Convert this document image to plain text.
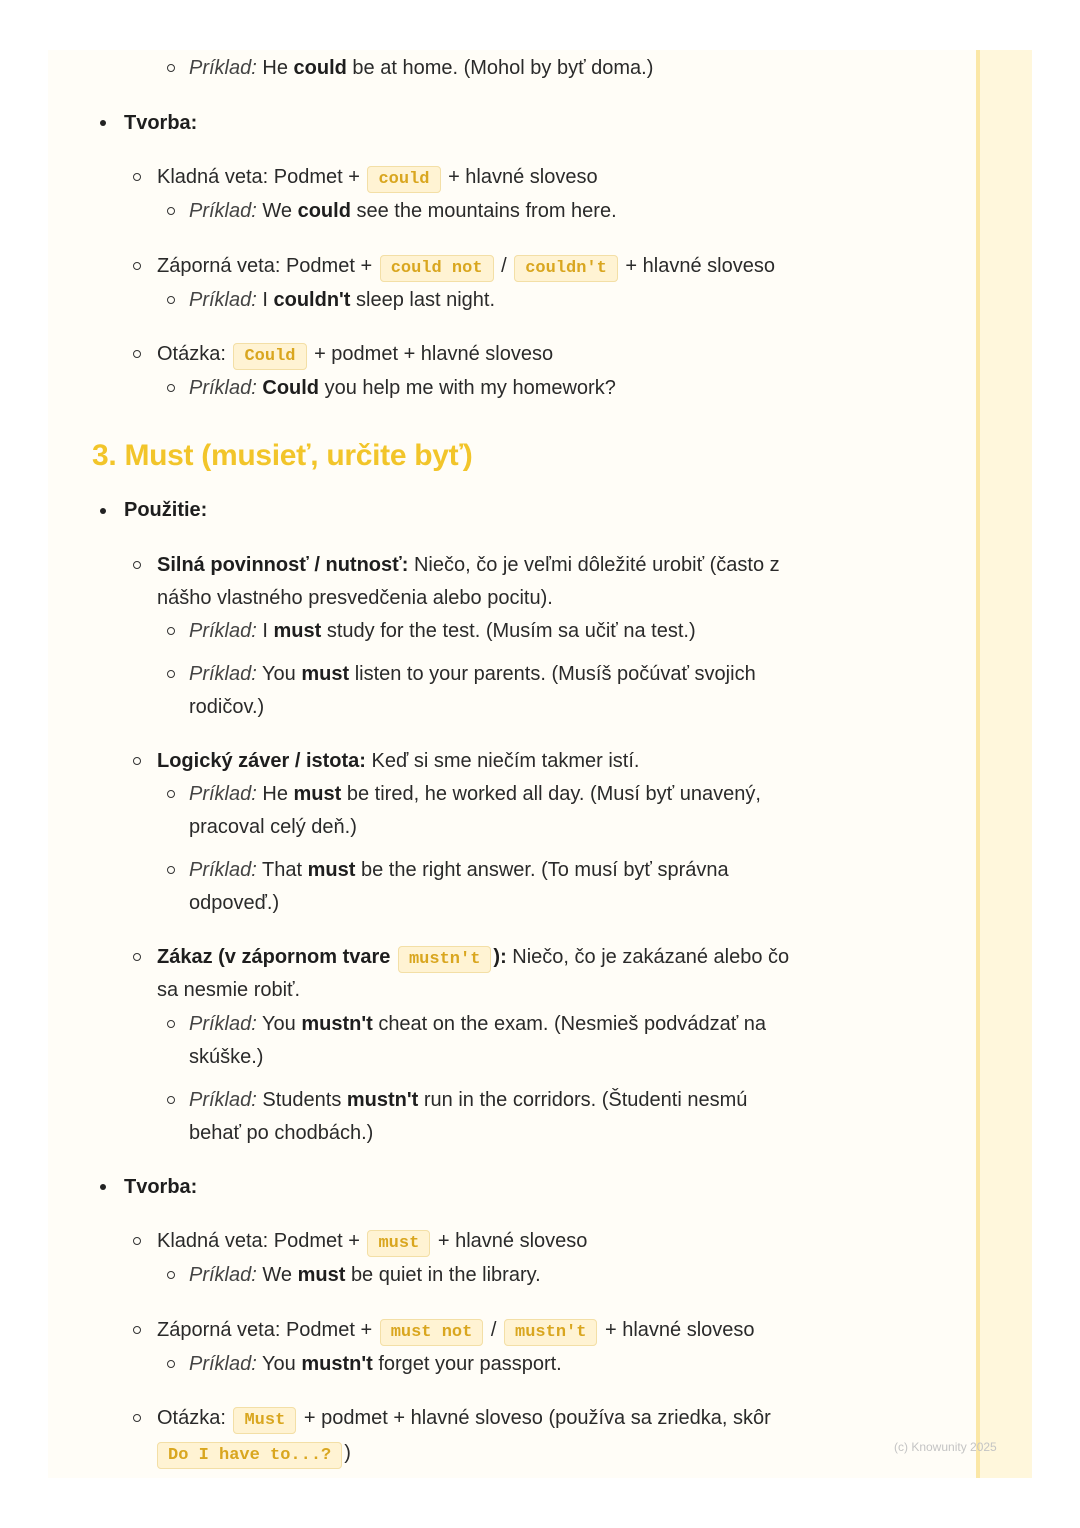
Príklad: He could be at home. (Mohol by byť doma.)
Tvorba:
Kladná veta: Podmet + could + hlavné sloveso
Príklad: We could see the mountains from here.
Záporná veta: Podmet + could not / couldn't + hlavné sloveso
Príklad: I couldn't sleep last night.
Otázka: Could + podmet + hlavné sloveso
Príklad: Could you help me with my homework?
3. Must (musieť, určite byť)
Použitie:
Silná povinnosť / nutnosť: Niečo, čo je veľmi dôležité urobiť (často z
nášho vlastného presvedčenia alebo pocitu).
Príklad: I must study for the test. (Musím sa učiť na test.)
Príklad: You must listen to your parents. (Musíš počúvať svojich
rodičov.)
Logický záver / istota: Keď si sme niečím takmer istí.
Príklad: He must be tired, he worked all day. (Musí byť unavený,
pracoval celý deň.)
Príklad: That must be the right answer. (To musí byť správna
odpoveď.)
Zákaz (v zápornom tvare mustn't ): Niečo, čo je zakázané alebo čo
sa nesmie robiť.
Príklad: You mustn't cheat on the exam. (Nesmieš podvádzať na
skúške.)
Príklad: Students mustn't run in the corridors. (Študenti nesmú
behať po chodbách.)
Tvorba:
Kladná veta: Podmet + must + hlavné sloveso
Príklad: We must be quiet in the library.
Záporná veta: Podmet + must not / mustn't + hlavné sloveso
Príklad: You mustn't forget your passport.
Otázka: Must + podmet + hlavné sloveso (používa sa zriedka, skôr
Do I have to...? )	(c) Knowunity 2025
